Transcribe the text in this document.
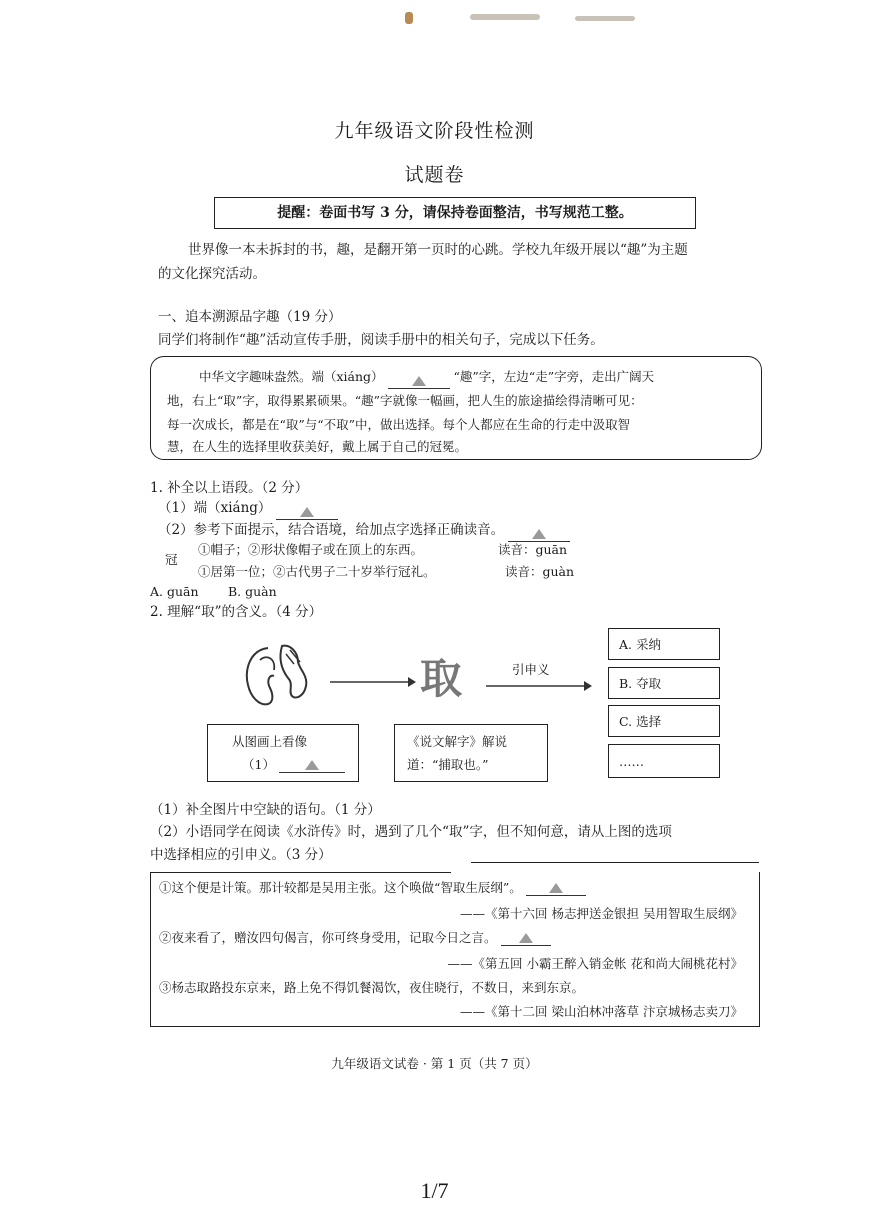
九年级语文阶段性检测
试题卷
提醒：卷面书写 3 分，请保持卷面整洁，书写规范工整。
世界像一本未拆封的书，趣，是翻开第一页时的心跳。学校九年级开展以“趣”为主题
的文化探究活动。
一、追本溯源品字趣（19 分）
同学们将制作“趣”活动宣传手册，阅读手册中的相关句子，完成以下任务。
中华文字趣味盎然。端（xiáng）	“趣”字，左边“走”字旁，走出广阔天
地，右上“取”字，取得累累硕果。“趣”字就像一幅画，把人生的旅途描绘得清晰可见：
每一次成长，都是在“取”与“不取”中，做出选择。每个人都应在生命的行走中汲取智
慧，在人生的选择里收获美好，戴上属于自己的冠冕。
1. 补全以上语段。（2 分）
（1）端（xiáng）
（2）参考下面提示，结合语境，给加点字选择正确读音。
冠
①帽子；②形状像帽子或在顶上的东西。	读音：guān
①居第一位；②古代男子二十岁举行冠礼。	读音：guàn
A. guān B. guàn
2. 理解“取”的含义。（4 分）
取	引申义
A. 采纳
B. 夺取
C. 选择
……
从图画上看像
（1）
《说文解字》解说
道：“捕取也。”
（1）补全图片中空缺的语句。（1 分）
（2）小语同学在阅读《水浒传》时，遇到了几个“取”字，但不知何意，请从上图的选项
中选择相应的引申义。（3 分）
①这个便是计策。那计较都是吴用主张。这个唤做“智取生辰纲”。
——《第十六回 杨志押送金银担 吴用智取生辰纲》
②夜来看了，赠汝四句偈言，你可终身受用，记取今日之言。
——《第五回 小霸王醉入销金帐 花和尚大闹桃花村》
③杨志取路投东京来，路上免不得饥餐渴饮，夜住晓行，不数日，来到东京。
——《第十二回 梁山泊林冲落草 汴京城杨志卖刀》
九年级语文试卷 · 第 1 页（共 7 页）
1/7
